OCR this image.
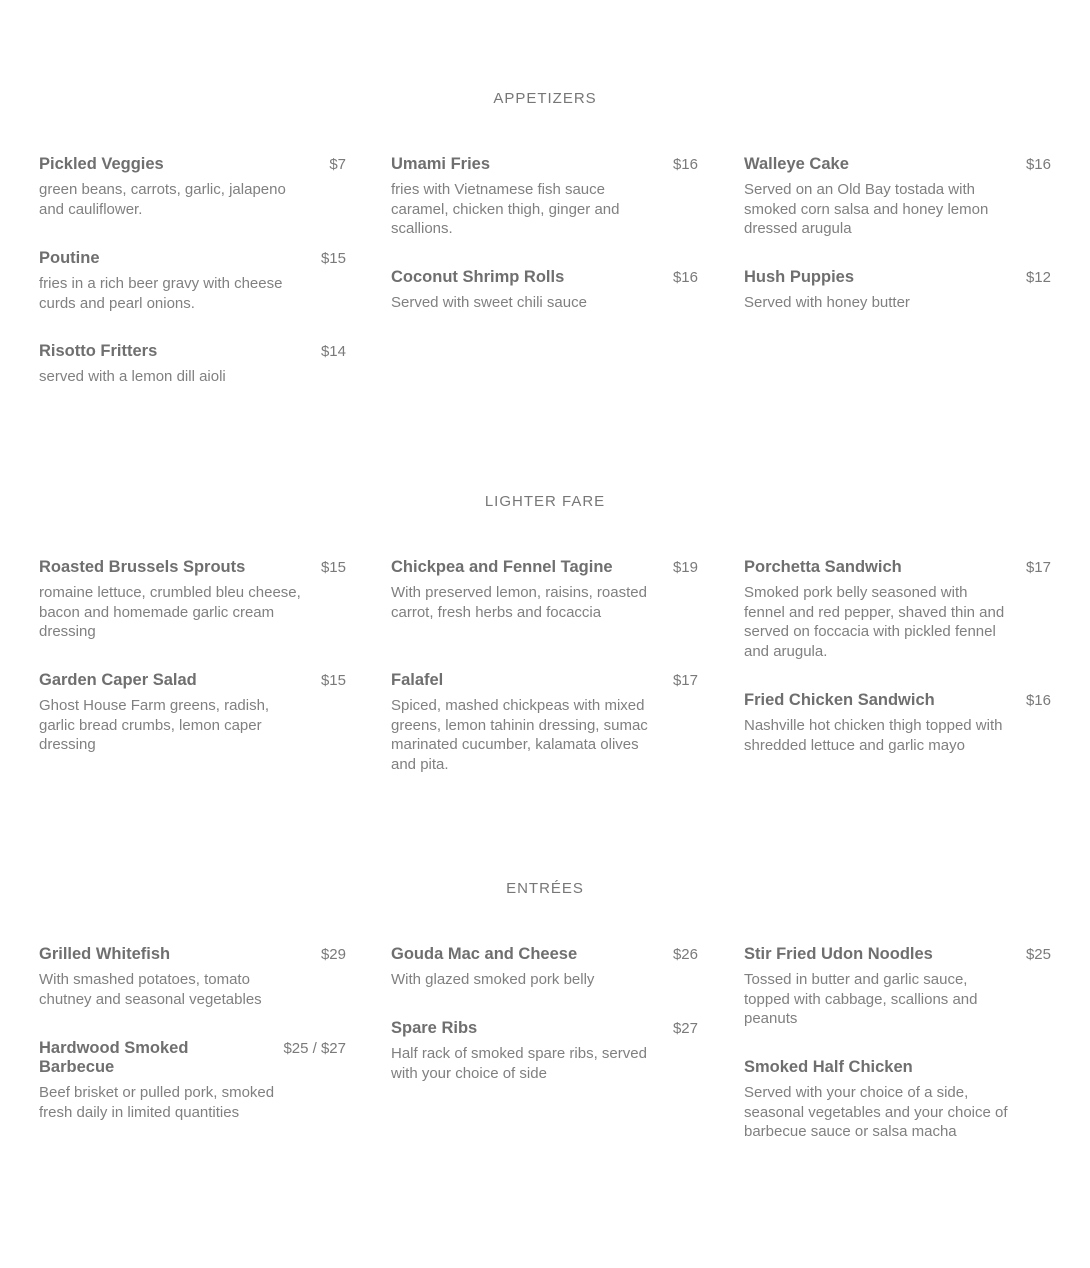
APPETIZERS
Pickled Veggies	$7
green beans, carrots, garlic, jalapeno and cauliflower.
Poutine	$15
fries in a rich beer gravy with cheese curds and pearl onions.
Risotto Fritters	$14
served with a lemon dill aioli
Umami Fries	$16
fries with Vietnamese fish sauce caramel, chicken thigh, ginger and scallions.
Coconut Shrimp Rolls	$16
Served with sweet chili sauce
Walleye Cake	$16
Served on an Old Bay tostada with smoked corn salsa and honey lemon dressed arugula
Hush Puppies	$12
Served with honey butter
LIGHTER FARE
Roasted Brussels Sprouts	$15
romaine lettuce, crumbled bleu cheese, bacon and homemade garlic cream dressing
Garden Caper Salad	$15
Ghost House Farm greens, radish, garlic bread crumbs, lemon caper dressing
Chickpea and Fennel Tagine	$19
With preserved lemon, raisins, roasted carrot, fresh herbs and focaccia
Falafel	$17
Spiced, mashed chickpeas with mixed greens, lemon tahinin dressing, sumac marinated cucumber, kalamata olives and pita.
Porchetta Sandwich	$17
Smoked pork belly seasoned with fennel and red pepper, shaved thin and served on foccacia with pickled fennel and arugula.
Fried Chicken Sandwich	$16
Nashville hot chicken thigh topped with shredded lettuce and garlic mayo
ENTRÉES
Grilled Whitefish	$29
With smashed potatoes, tomato chutney and seasonal vegetables
Hardwood Smoked Barbecue
$25 / $27
Beef brisket or pulled pork, smoked fresh daily in limited quantities
Gouda Mac and Cheese	$26
With glazed smoked pork belly
Spare Ribs	$27
Half rack of smoked spare ribs, served with your choice of side
Stir Fried Udon Noodles	$25
Tossed in butter and garlic sauce, topped with cabbage, scallions and peanuts
Smoked Half Chicken
Served with your choice of a side, seasonal vegetables and your choice of barbecue sauce or salsa macha
